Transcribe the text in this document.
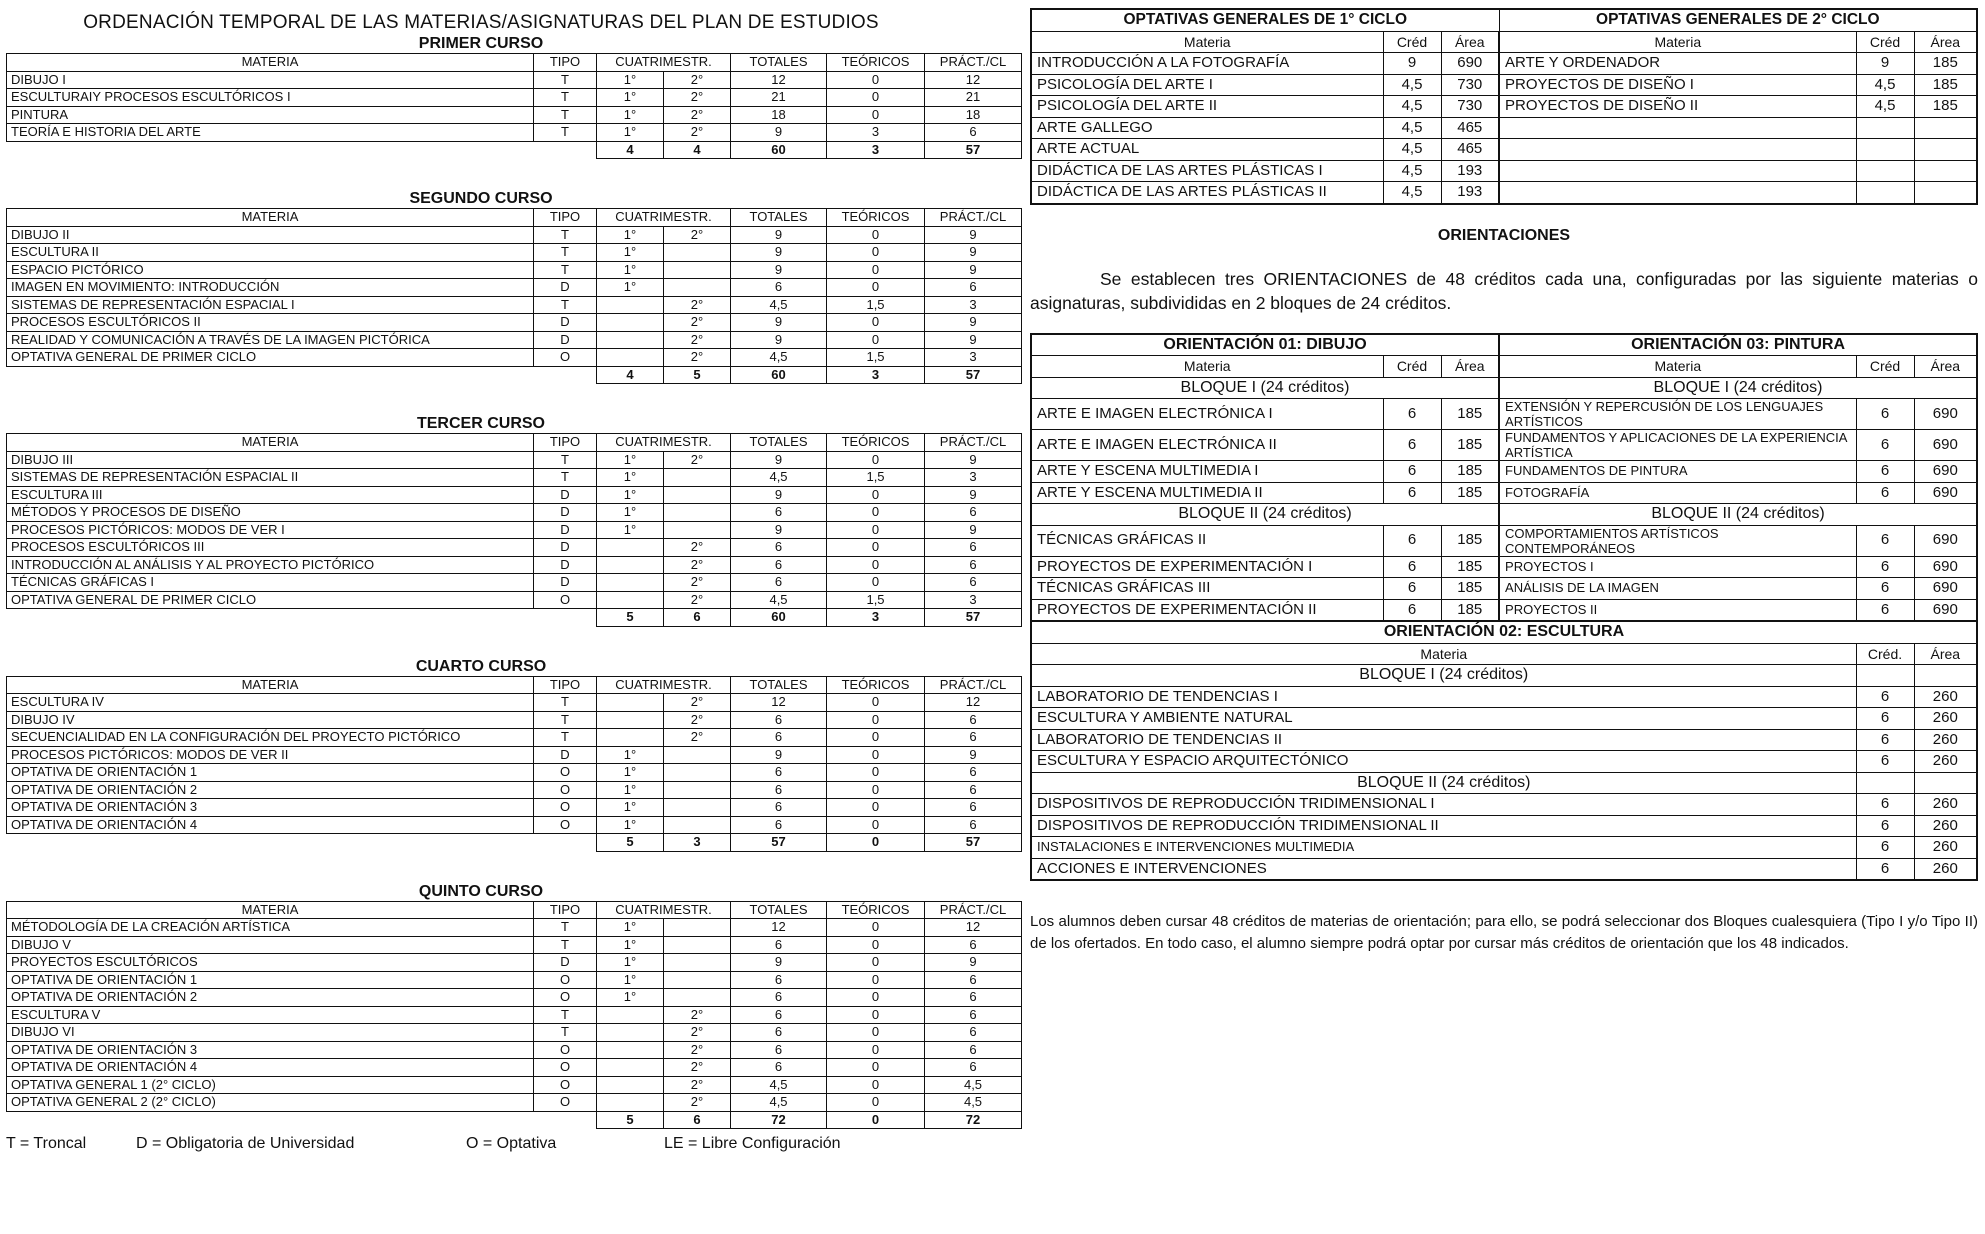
ORDENACIÓN TEMPORAL DE LAS MATERIAS/ASIGNATURAS DEL PLAN DE ESTUDIOS
PRIMER CURSO
MATERIA	TIPO	CUATRIMESTR.		TOTALES	TEÓRICOS	PRÁCT./CL
DIBUJO I	T	1°	2°	12	0	12
ESCULTURAIY PROCESOS ESCULTÓRICOS I	T	1°	2°	21	0	21
PINTURA	T	1°	2°	18	0	18
TEORÍA E HISTORIA DEL ARTE	T	1°	2°	9	3	6
		4	4	60	3	57
SEGUNDO CURSO
MATERIA	TIPO	CUATRIMESTR.		TOTALES	TEÓRICOS	PRÁCT./CL
DIBUJO II	T	1°	2°	9	0	9
ESCULTURA II	T	1°		9	0	9
ESPACIO PICTÓRICO	T	1°		9	0	9
IMAGEN EN MOVIMIENTO: INTRODUCCIÓN	D	1°		6	0	6
SISTEMAS DE REPRESENTACIÓN ESPACIAL I	T		2°	4,5	1,5	3
PROCESOS ESCULTÓRICOS II	D		2°	9	0	9
REALIDAD Y COMUNICACIÓN A TRAVÉS DE LA IMAGEN PICTÓRICA	D		2°	9	0	9
OPTATIVA GENERAL DE PRIMER CICLO	O		2°	4,5	1,5	3
		4	5	60	3	57
TERCER CURSO
MATERIA	TIPO	CUATRIMESTR.		TOTALES	TEÓRICOS	PRÁCT./CL
DIBUJO III	T	1°	2°	9	0	9
SISTEMAS DE REPRESENTACIÓN ESPACIAL II	T	1°		4,5	1,5	3
ESCULTURA III	D	1°		9	0	9
MÉTODOS Y PROCESOS DE DISEÑO	D	1°		6	0	6
PROCESOS PICTÓRICOS: MODOS DE VER I	D	1°		9	0	9
PROCESOS ESCULTÓRICOS III	D		2°	6	0	6
INTRODUCCIÓN AL ANÁLISIS Y AL PROYECTO PICTÓRICO	D		2°	6	0	6
TÉCNICAS GRÁFICAS I	D		2°	6	0	6
OPTATIVA GENERAL DE PRIMER CICLO	O		2°	4,5	1,5	3
		5	6	60	3	57
CUARTO CURSO
MATERIA	TIPO	CUATRIMESTR.		TOTALES	TEÓRICOS	PRÁCT./CL
ESCULTURA IV	T		2°	12	0	12
DIBUJO IV	T		2°	6	0	6
SECUENCIALIDAD EN LA CONFIGURACIÓN DEL PROYECTO PICTÓRICO	T		2°	6	0	6
PROCESOS PICTÓRICOS: MODOS DE VER II	D	1°		9	0	9
OPTATIVA DE ORIENTACIÓN 1	O	1°		6	0	6
OPTATIVA DE ORIENTACIÓN 2	O	1°		6	0	6
OPTATIVA DE ORIENTACIÓN 3	O	1°		6	0	6
OPTATIVA DE ORIENTACIÓN 4	O	1°		6	0	6
		5	3	57	0	57
QUINTO CURSO
MATERIA	TIPO	CUATRIMESTR.		TOTALES	TEÓRICOS	PRÁCT./CL
MÉTODOLOGÍA DE LA CREACIÓN ARTÍSTICA	T	1°		12	0	12
DIBUJO V	T	1°		6	0	6
PROYECTOS ESCULTÓRICOS	D	1°		9	0	9
OPTATIVA DE ORIENTACIÓN 1	O	1°		6	0	6
OPTATIVA DE ORIENTACIÓN 2	O	1°		6	0	6
ESCULTURA V	T		2°	6	0	6
DIBUJO VI	T		2°	6	0	6
OPTATIVA DE ORIENTACIÓN 3	O		2°	6	0	6
OPTATIVA DE ORIENTACIÓN 4	O		2°	6	0	6
OPTATIVA GENERAL 1 (2° CICLO)	O		2°	4,5	0	4,5
OPTATIVA GENERAL 2 (2° CICLO)	O		2°	4,5	0	4,5
		5	6	72	0	72
T = Troncal	D = Obligatoria de Universidad	O = Optativa	LE = Libre Configuración
OPTATIVAS GENERALES DE 1° CICLO			OPTATIVAS GENERALES DE 2° CICLO		
Materia	Créd	Área	Materia	Créd	Área
INTRODUCCIÓN A LA FOTOGRAFÍA	9	690	ARTE Y ORDENADOR	9	185
PSICOLOGÍA DEL ARTE I	4,5	730	PROYECTOS DE DISEÑO I	4,5	185
PSICOLOGÍA DEL ARTE II	4,5	730	PROYECTOS DE DISEÑO II	4,5	185
ARTE GALLEGO	4,5	465			
ARTE ACTUAL	4,5	465			
DIDÁCTICA DE LAS ARTES PLÁSTICAS I	4,5	193			
DIDÁCTICA DE LAS ARTES PLÁSTICAS II	4,5	193			
ORIENTACIONES

Se establecen tres ORIENTACIONES de 48 créditos cada una, configuradas por las siguiente materias o asignaturas, subdivididas en 2 bloques de 24 créditos.

ORIENTACIÓN 01: DIBUJO			ORIENTACIÓN 03: PINTURA		
Materia	Créd	Área	Materia	Créd	Área
BLOQUE I (24 créditos)			BLOQUE I (24 créditos)		
ARTE E IMAGEN ELECTRÓNICA I	6	185	EXTENSIÓN Y REPERCUSIÓN DE LOS LENGUAJES ARTÍSTICOS	6	690
ARTE E IMAGEN ELECTRÓNICA II	6	185	FUNDAMENTOS Y APLICACIONES DE LA EXPERIENCIA ARTÍSTICA	6	690
ARTE Y ESCENA MULTIMEDIA I	6	185	FUNDAMENTOS DE PINTURA	6	690
ARTE Y ESCENA MULTIMEDIA II	6	185	FOTOGRAFÍA	6	690
BLOQUE II (24 créditos)			BLOQUE II (24 créditos)		
TÉCNICAS GRÁFICAS II	6	185	COMPORTAMIENTOS ARTÍSTICOS CONTEMPORÁNEOS	6	690
PROYECTOS DE EXPERIMENTACIÓN I	6	185	PROYECTOS I	6	690
TÉCNICAS GRÁFICAS III	6	185	ANÁLISIS DE LA IMAGEN	6	690
PROYECTOS DE EXPERIMENTACIÓN II	6	185	PROYECTOS II	6	690
ORIENTACIÓN 02: ESCULTURA					
Materia				Créd.	Área
BLOQUE I (24 créditos)					
LABORATORIO DE TENDENCIAS I				6	260
ESCULTURA Y AMBIENTE NATURAL				6	260
LABORATORIO DE TENDENCIAS II				6	260
ESCULTURA Y ESPACIO ARQUITECTÓNICO				6	260
BLOQUE II (24 créditos)					
DISPOSITIVOS DE REPRODUCCIÓN TRIDIMENSIONAL I				6	260
DISPOSITIVOS DE REPRODUCCIÓN TRIDIMENSIONAL II				6	260
INSTALACIONES E INTERVENCIONES MULTIMEDIA				6	260
ACCIONES E INTERVENCIONES				6	260
Los alumnos deben cursar 48 créditos de materias de orientación; para ello, se podrá seleccionar dos Bloques cualesquiera (Tipo I y/o Tipo II) de los ofertados. En todo caso, el alumno siempre podrá optar por cursar más créditos de orientación que los 48 indicados.
